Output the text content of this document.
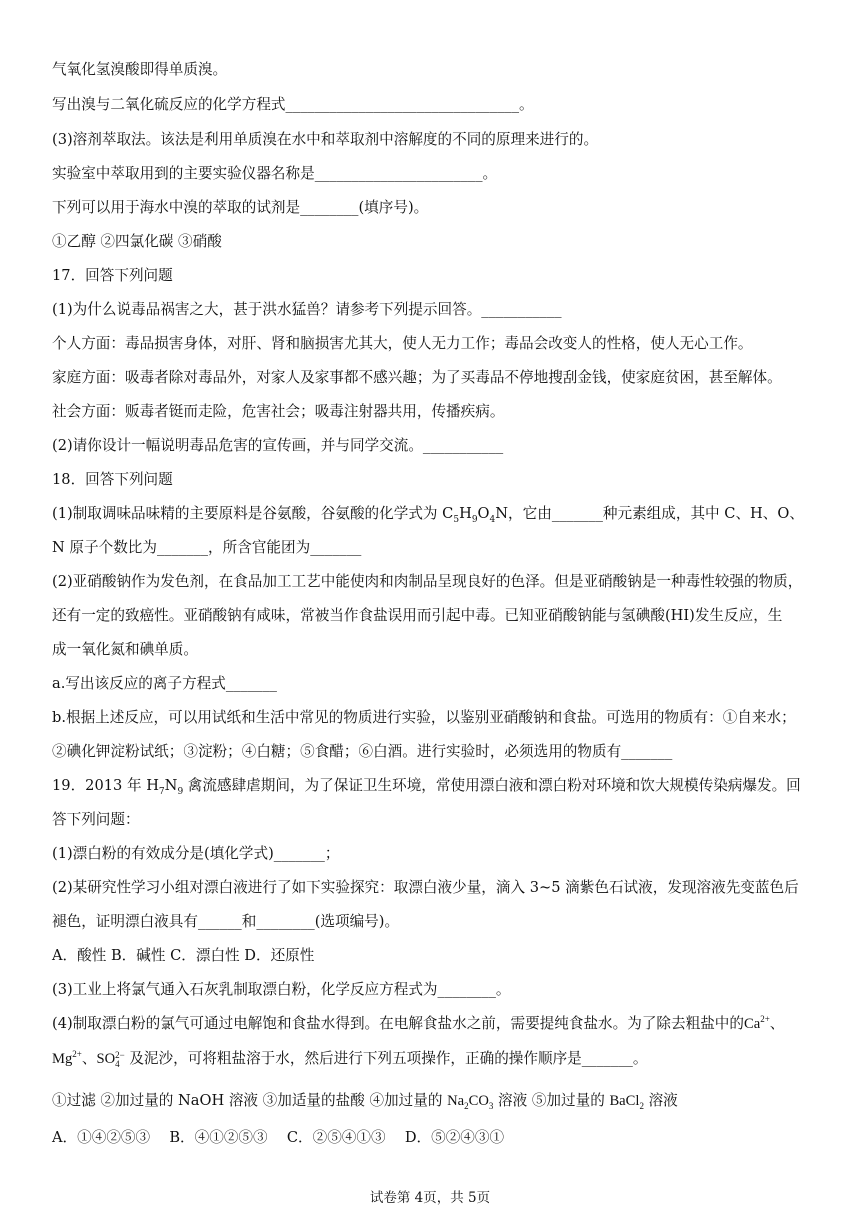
气氧化氢溴酸即得单质溴。
写出溴与二氧化硫反应的化学方程式________________________________。
(3)溶剂萃取法。该法是利用单质溴在水中和萃取剂中溶解度的不同的原理来进行的。
实验室中萃取用到的主要实验仪器名称是_______________________。
下列可以用于海水中溴的萃取的试剂是________(填序号)。
①乙醇 ②四氯化碳 ③硝酸
17．回答下列问题
(1)为什么说毒品祸害之大，甚于洪水猛兽？请参考下列提示回答。___________
个人方面：毒品损害身体，对肝、肾和脑损害尤其大，使人无力工作；毒品会改变人的性格，使人无心工作。
家庭方面：吸毒者除对毒品外，对家人及家事都不感兴趣；为了买毒品不停地搜刮金钱，使家庭贫困，甚至解体。
社会方面：贩毒者铤而走险，危害社会；吸毒注射器共用，传播疾病。
(2)请你设计一幅说明毒品危害的宣传画，并与同学交流。___________
18．回答下列问题
(1)制取调味品味精的主要原料是谷氨酸，谷氨酸的化学式为 $C_5H_9O_4N$，它由_______种元素组成，其中 C、H、O、
N 原子个数比为_______，所含官能团为_______
(2)亚硝酸钠作为发色剂，在食品加工工艺中能使肉和肉制品呈现良好的色泽。但是亚硝酸钠是一种毒性较强的物质，
还有一定的致癌性。亚硝酸钠有咸味，常被当作食盐误用而引起中毒。已知亚硝酸钠能与氢碘酸(HI)发生反应，生
成一氧化氮和碘单质。
a.写出该反应的离子方程式_______
b.根据上述反应，可以用试纸和生活中常见的物质进行实验，以鉴别亚硝酸钠和食盐。可选用的物质有：①自来水；
②碘化钾淀粉试纸；③淀粉；④白糖；⑤食醋；⑥白酒。进行实验时，必须选用的物质有_______
19．2013 年 $H_7N_9$ 禽流感肆虐期间，为了保证卫生环境，常使用漂白液和漂白粉对环境和饮大规模传染病爆发。回
答下列问题：
(1)漂白粉的有效成分是(填化学式)_______；
(2)某研究性学习小组对漂白液进行了如下实验探究：取漂白液少量，滴入 3~5 滴紫色石试液，发现溶液先变蓝色后
褪色，证明漂白液具有______和________(选项编号)。
A．酸性 B．碱性 C．漂白性 D．还原性
(3)工业上将氯气通入石灰乳制取漂白粉，化学反应方程式为________。
(4)制取漂白粉的氯气可通过电解饱和食盐水得到。在电解食盐水之前，需要提纯食盐水。为了除去粗盐中的$Ca^{2+}$、
$Mg^{2+}$、SO 2−
4 及泥沙，可将粗盐溶于水，然后进行下列五项操作，正确的操作顺序是_______。
①过滤 ②加过量的 NaOH 溶液 ③加适量的盐酸 ④加过量的 $Na_2CO_3$ 溶液 ⑤加过量的 BaCl$_2$ 溶液
A．①④②⑤③　 B．④①②⑤③　 C．②⑤④①③　 D．⑤②④③①
试卷第 4页，共 5页
